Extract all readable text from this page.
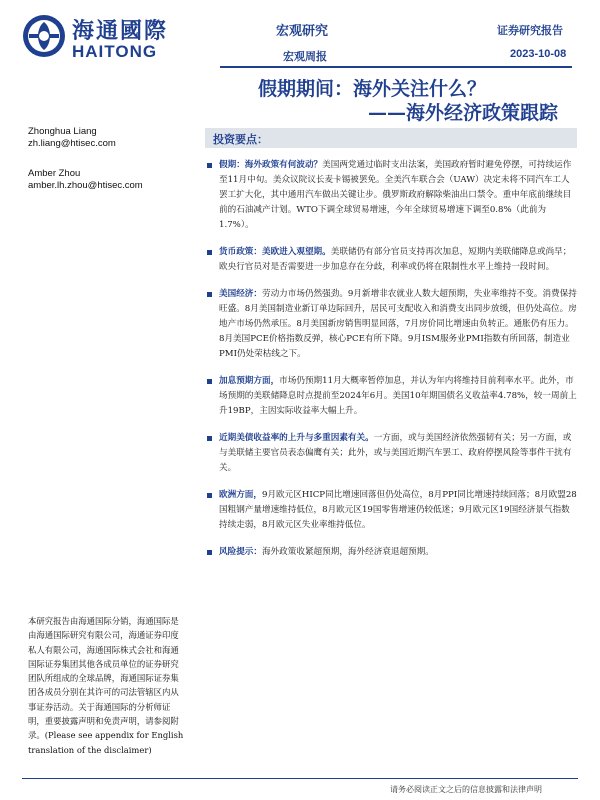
海通國際
HAITONG
宏观研究
宏观周报
证券研究报告
2023-10-08
假期期间：海外关注什么？
——海外经济政策跟踪
Zhonghua Liang
zh.liang@htisec.com
Amber Zhou
amber.lh.zhou@htisec.com
投资要点：
假期：海外政策有何波动？美国两党通过临时支出法案，美国政府暂时避免停摆，可持续运作至11月中旬。美众议院议长麦卡锡被罢免。全美汽车联合会（UAW）决定未将不同汽车工人罢工扩大化，其中通用汽车做出关键让步。俄罗斯政府解除柴油出口禁令。重申年底前继续目前的石油减产计划。WTO下调全球贸易增速，今年全球贸易增速下调至0.8%（此前为1.7%）。
货币政策：美欧进入观望期。美联储仍有部分官员支持再次加息，短期内美联储降息或尚早；欧央行官员对是否需要进一步加息存在分歧，利率或仍将在限制性水平上维持一段时间。
美国经济：劳动力市场仍然强劲。9月新增非农就业人数大超预期，失业率维持不变。消费保持旺盛。8月美国制造业新订单边际回升，居民可支配收入和消费支出同步放缓，但仍处高位。房地产市场仍然承压。8月美国新房销售明显回落，7月房价同比增速由负转正。通胀仍有压力。8月美国PCE价格指数反弹，核心PCE有所下降。9月ISM服务业PMI指数有所回落，制造业PMI仍处荣枯线之下。
加息预期方面，市场仍预期11月大概率暂停加息，并认为年内将维持目前利率水平。此外，市场预期的美联储降息时点提前至2024年6月。美国10年期国债名义收益率4.78%，较一周前上升19BP，主因实际收益率大幅上升。
近期美债收益率的上升与多重因素有关。一方面，或与美国经济依然强韧有关；另一方面，或与美联储主要官员表态偏鹰有关；此外，或与美国近期汽车罢工、政府停摆风险等事件干扰有关。
欧洲方面，9月欧元区HICP同比增速回落但仍处高位，8月PPI同比增速持续回落；8月欧盟28国粗钢产量增速维持低位，8月欧元区19国零售增速仍较低迷；9月欧元区19国经济景气指数持续走弱，8月欧元区失业率维持低位。
风险提示：海外政策收紧超预期，海外经济衰退超预期。
本研究报告由海通国际分销，海通国际是由海通国际研究有限公司，海通证券印度私人有限公司，海通国际株式会社和海通国际证券集团其他各成员单位的证券研究团队所组成的全球品牌，海通国际证券集团各成员分别在其许可的司法管辖区内从事证券活动。关于海通国际的分析师证明，重要披露声明和免责声明，请参阅附录。(Please see appendix for English translation of the disclaimer)
请务必阅读正文之后的信息披露和法律声明
